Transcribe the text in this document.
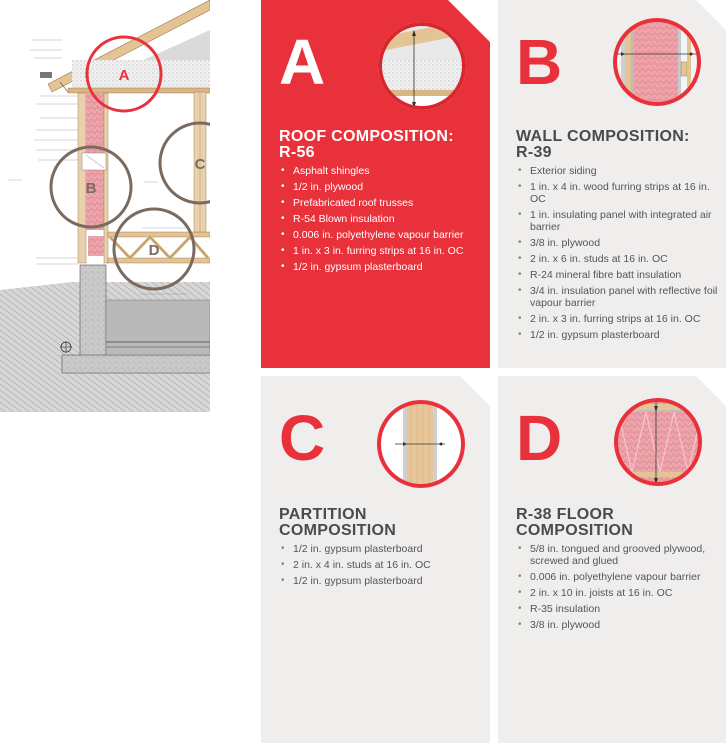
A
B
C
D
A
ROOF COMPOSITION:
R-56
• Asphalt shingles
• 1/2 in. plywood
• Prefabricated roof trusses
• R-54 Blown insulation
• 0.006 in. polyethylene vapour barrier
• 1 in. x 3 in. furring strips at 16 in. OC
• 1/2 in. gypsum plasterboard
B
WALL COMPOSITION:
R-39
• Exterior siding
• 1 in. x 4 in. wood furring strips at 16 in. OC
• 1 in. insulating panel with integrated air barrier
• 3/8 in. plywood
• 2 in. x 6 in. studs at 16 in. OC
• R-24 mineral fibre batt insulation
• 3/4 in. insulation panel with reflective foil vapour barrier
• 2 in. x 3 in. furring strips at 16 in. OC
• 1/2 in. gypsum plasterboard
C
PARTITION
COMPOSITION
• 1/2 in. gypsum plasterboard
• 2 in. x 4 in. studs at 16 in. OC
• 1/2 in. gypsum plasterboard
D
R-38 FLOOR
COMPOSITION
• 5/8 in. tongued and grooved plywood, screwed and glued
• 0.006 in. polyethylene vapour barrier
• 2 in. x 10 in. joists at 16 in. OC
• R-35 insulation
• 3/8 in. plywood
